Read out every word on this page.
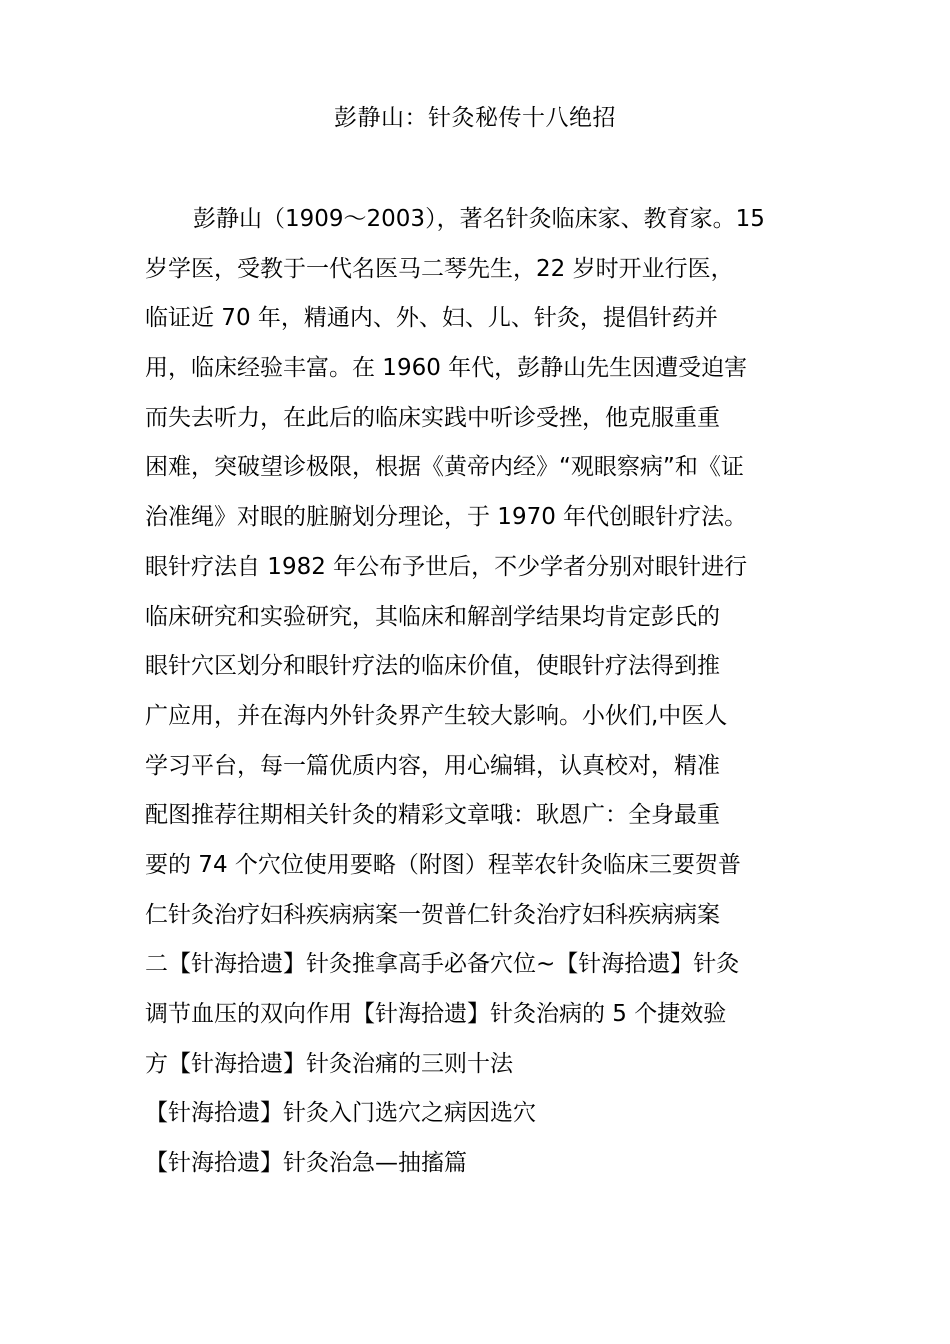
彭静山：针灸秘传十八绝招
彭静山（1909～2003），著名针灸临床家、教育家。15
岁学医，受教于一代名医马二琴先生，22 岁时开业行医，
临证近 70 年，精通内、外、妇、儿、针灸，提倡针药并
用，临床经验丰富。在 1960 年代，彭静山先生因遭受迫害
而失去听力，在此后的临床实践中听诊受挫，他克服重重
困难，突破望诊极限，根据《黄帝内经》“观眼察病”和《证
治准绳》对眼的脏腑划分理论，于 1970 年代创眼针疗法。
眼针疗法自 1982 年公布予世后，不少学者分别对眼针进行
临床研究和实验研究，其临床和解剖学结果均肯定彭氏的
眼针穴区划分和眼针疗法的临床价值，使眼针疗法得到推
广应用，并在海内外针灸界产生较大影响。小伙们,中医人
学习平台，每一篇优质内容，用心编辑，认真校对，精准
配图推荐往期相关针灸的精彩文章哦：耿恩广：全身最重
要的 74 个穴位使用要略（附图）程莘农针灸临床三要贺普
仁针灸治疗妇科疾病病案一贺普仁针灸治疗妇科疾病病案
二【针海拾遗】针灸推拿高手必备穴位~【针海拾遗】针灸
调节血压的双向作用【针海拾遗】针灸治病的 5 个捷效验
方【针海拾遗】针灸治痛的三则十法
【针海拾遗】针灸入门选穴之病因选穴
【针海拾遗】针灸治急—抽搐篇
